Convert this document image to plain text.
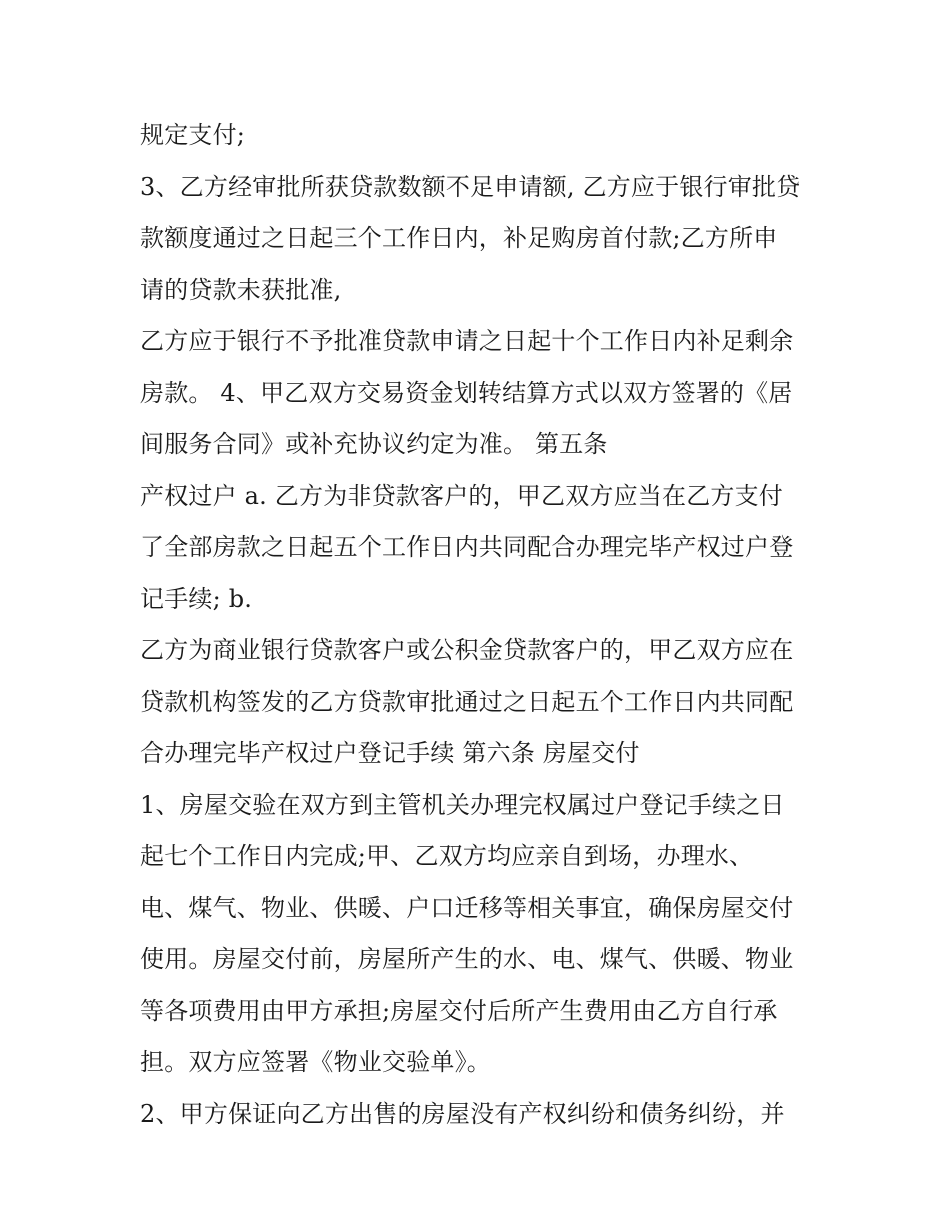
规定支付;
3、乙方经审批所获贷款数额不足申请额, 乙方应于银行审批贷
款额度通过之日起三个工作日内，补足购房首付款;乙方所申
请的贷款未获批准,
乙方应于银行不予批准贷款申请之日起十个工作日内补足剩余
房款。 4、甲乙双方交易资金划转结算方式以双方签署的《居
间服务合同》或补充协议约定为准。 第五条
产权过户 a. 乙方为非贷款客户的，甲乙双方应当在乙方支付
了全部房款之日起五个工作日内共同配合办理完毕产权过户登
记手续; b.
乙方为商业银行贷款客户或公积金贷款客户的，甲乙双方应在
贷款机构签发的乙方贷款审批通过之日起五个工作日内共同配
合办理完毕产权过户登记手续 第六条 房屋交付
1、房屋交验在双方到主管机关办理完权属过户登记手续之日
起七个工作日内完成;甲、乙双方均应亲自到场，办理水、
电、煤气、物业、供暖、户口迁移等相关事宜，确保房屋交付
使用。房屋交付前，房屋所产生的水、电、煤气、供暖、物业
等各项费用由甲方承担;房屋交付后所产生费用由乙方自行承
担。双方应签署《物业交验单》。
2、甲方保证向乙方出售的房屋没有产权纠纷和债务纠纷，并
